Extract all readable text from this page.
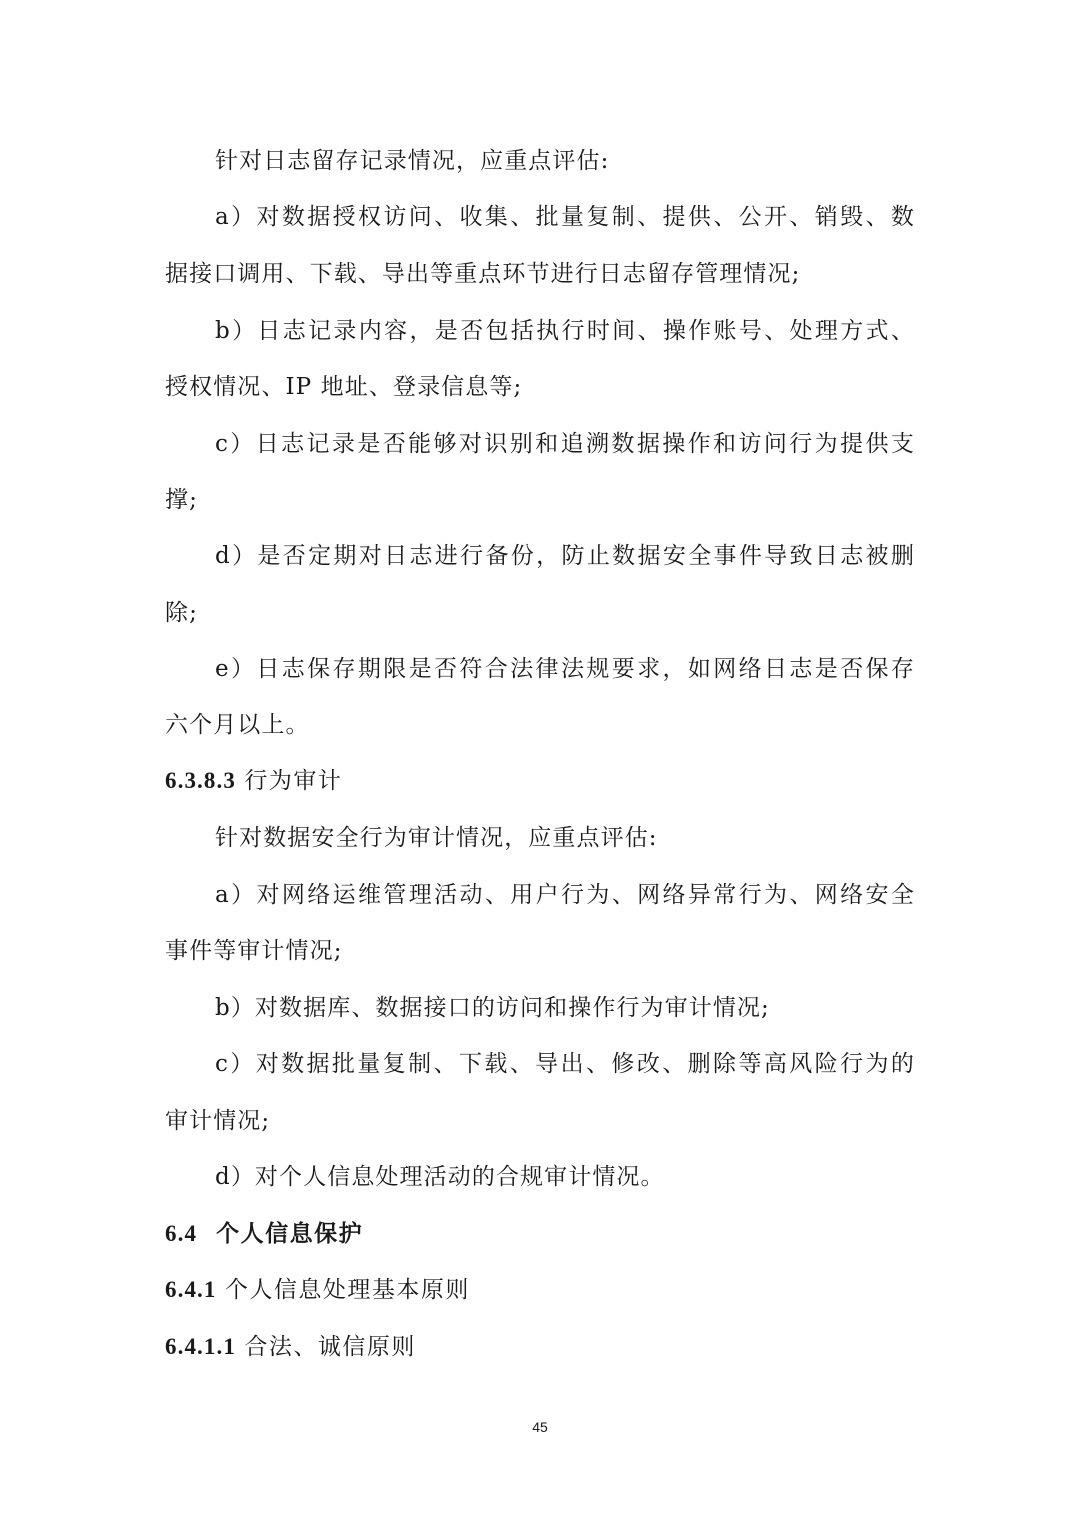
针对日志留存记录情况，应重点评估:
a）对数据授权访问、收集、批量复制、提供、公开、销毁、数
据接口调用、下载、导出等重点环节进行日志留存管理情况;
b）日志记录内容，是否包括执行时间、操作账号、处理方式、
授权情况、IP 地址、登录信息等;
c）日志记录是否能够对识别和追溯数据操作和访问行为提供支
撑;
d）是否定期对日志进行备份，防止数据安全事件导致日志被删
除;
e）日志保存期限是否符合法律法规要求，如网络日志是否保存
六个月以上。
6.3.8.3 行为审计
针对数据安全行为审计情况，应重点评估:
a）对网络运维管理活动、用户行为、网络异常行为、网络安全
事件等审计情况;
b）对数据库、数据接口的访问和操作行为审计情况;
c）对数据批量复制、下载、导出、修改、删除等高风险行为的
审计情况;
d）对个人信息处理活动的合规审计情况。
6.4 个人信息保护
6.4.1 个人信息处理基本原则
6.4.1.1 合法、诚信原则
45
